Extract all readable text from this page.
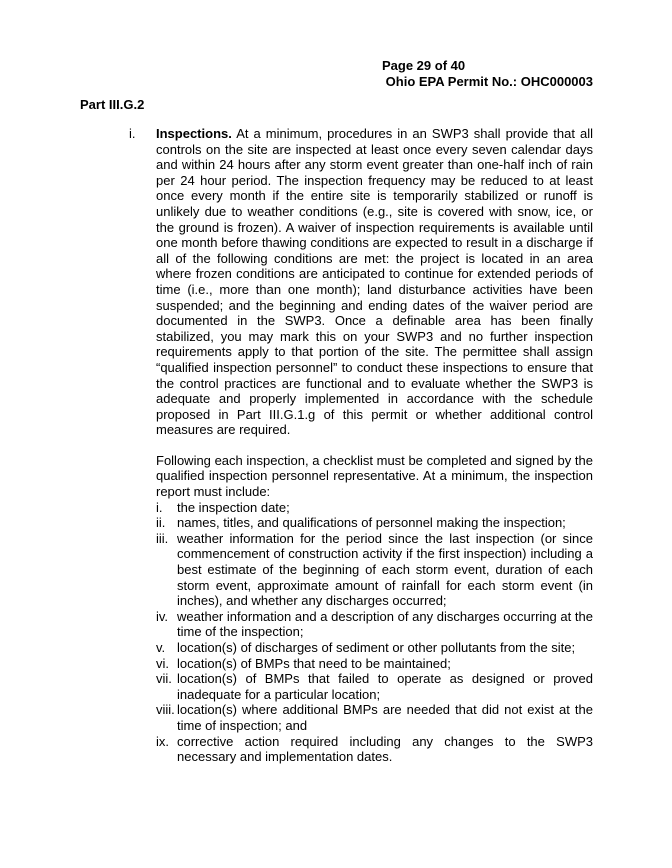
Page 29 of 40
Ohio EPA Permit No.: OHC000003
Part III.G.2
i. Inspections. At a minimum, procedures in an SWP3 shall provide that all controls on the site are inspected at least once every seven calendar days and within 24 hours after any storm event greater than one-half inch of rain per 24 hour period. The inspection frequency may be reduced to at least once every month if the entire site is temporarily stabilized or runoff is unlikely due to weather conditions (e.g., site is covered with snow, ice, or the ground is frozen). A waiver of inspection requirements is available until one month before thawing conditions are expected to result in a discharge if all of the following conditions are met: the project is located in an area where frozen conditions are anticipated to continue for extended periods of time (i.e., more than one month); land disturbance activities have been suspended; and the beginning and ending dates of the waiver period are documented in the SWP3. Once a definable area has been finally stabilized, you may mark this on your SWP3 and no further inspection requirements apply to that portion of the site. The permittee shall assign “qualified inspection personnel” to conduct these inspections to ensure that the control practices are functional and to evaluate whether the SWP3 is adequate and properly implemented in accordance with the schedule proposed in Part III.G.1.g of this permit or whether additional control measures are required.

Following each inspection, a checklist must be completed and signed by the qualified inspection personnel representative. At a minimum, the inspection report must include:

i. the inspection date;
ii. names, titles, and qualifications of personnel making the inspection;
iii. weather information for the period since the last inspection (or since commencement of construction activity if the first inspection) including a best estimate of the beginning of each storm event, duration of each storm event, approximate amount of rainfall for each storm event (in inches), and whether any discharges occurred;
iv. weather information and a description of any discharges occurring at the time of the inspection;
v. location(s) of discharges of sediment or other pollutants from the site;
vi. location(s) of BMPs that need to be maintained;
vii. location(s) of BMPs that failed to operate as designed or proved inadequate for a particular location;
viii. location(s) where additional BMPs are needed that did not exist at the time of inspection; and
ix. corrective action required including any changes to the SWP3 necessary and implementation dates.
